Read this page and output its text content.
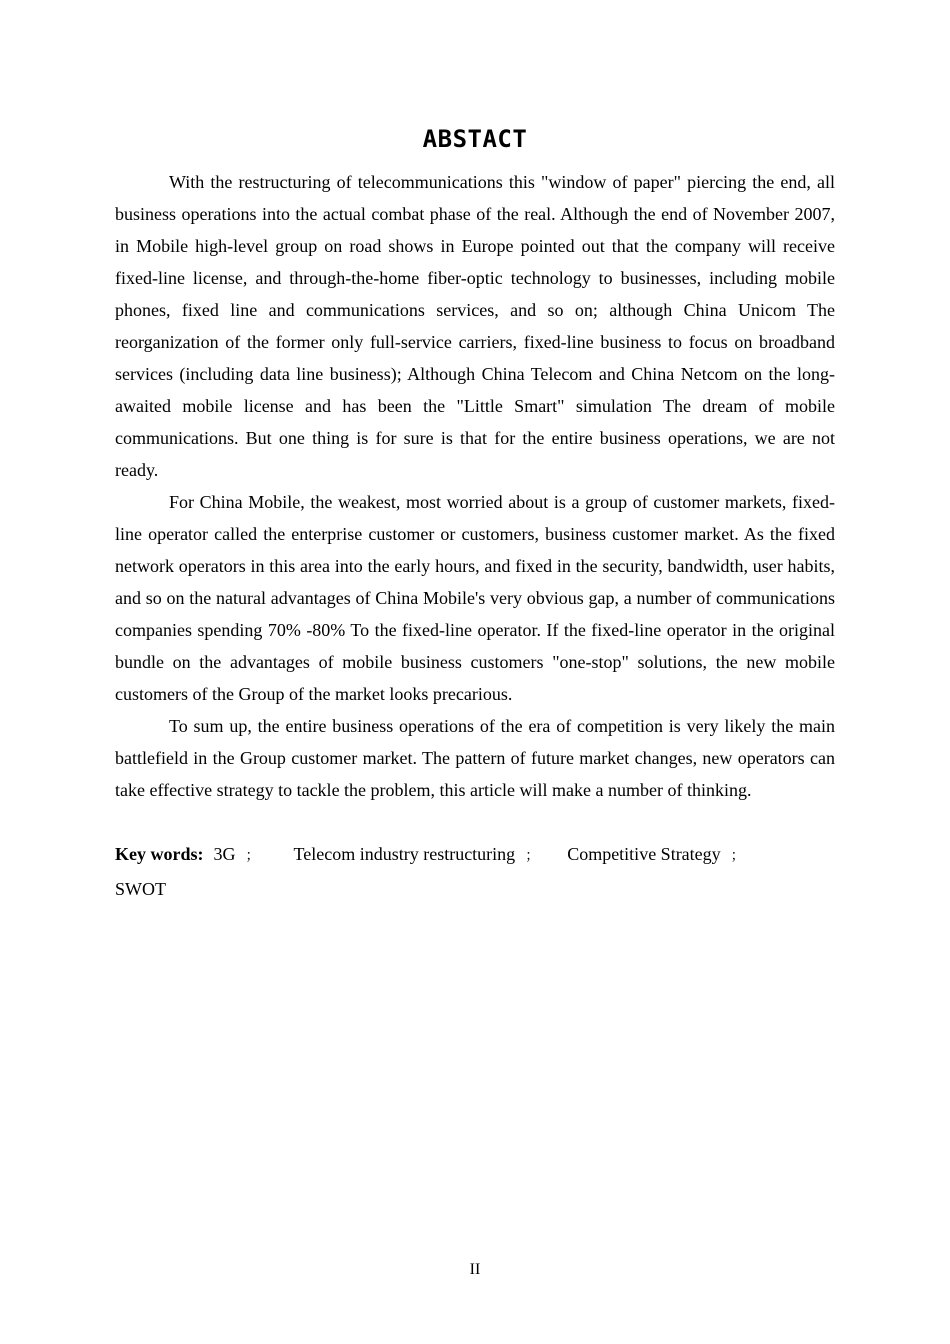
ABSTACT

With the restructuring of telecommunications this "window of paper" piercing the end, all business operations into the actual combat phase of the real. Although the end of November 2007, in Mobile high-level group on road shows in Europe pointed out that the company will receive fixed-line license, and through-the-home fiber-optic technology to businesses, including mobile phones, fixed line and communications services, and so on; although China Unicom The reorganization of the former only full-service carriers, fixed-line business to focus on broadband services (including data line business); Although China Telecom and China Netcom on the long-awaited mobile license and has been the "Little Smart" simulation The dream of mobile communications. But one thing is for sure is that for the entire business operations, we are not ready.

For China Mobile, the weakest, most worried about is a group of customer markets, fixed-line operator called the enterprise customer or customers, business customer market. As the fixed network operators in this area into the early hours, and fixed in the security, bandwidth, user habits, and so on the natural advantages of China Mobile's very obvious gap, a number of communications companies spending 70% -80% To the fixed-line operator. If the fixed-line operator in the original bundle on the advantages of mobile business customers "one-stop" solutions, the new mobile customers of the Group of the market looks precarious.

To sum up, the entire business operations of the era of competition is very likely the main battlefield in the Group customer market. The pattern of future market changes, new operators can take effective strategy to tackle the problem, this article will make a number of thinking.

Key words: 3G ； Telecom industry restructuring ； Competitive Strategy ；
SWOT
II
